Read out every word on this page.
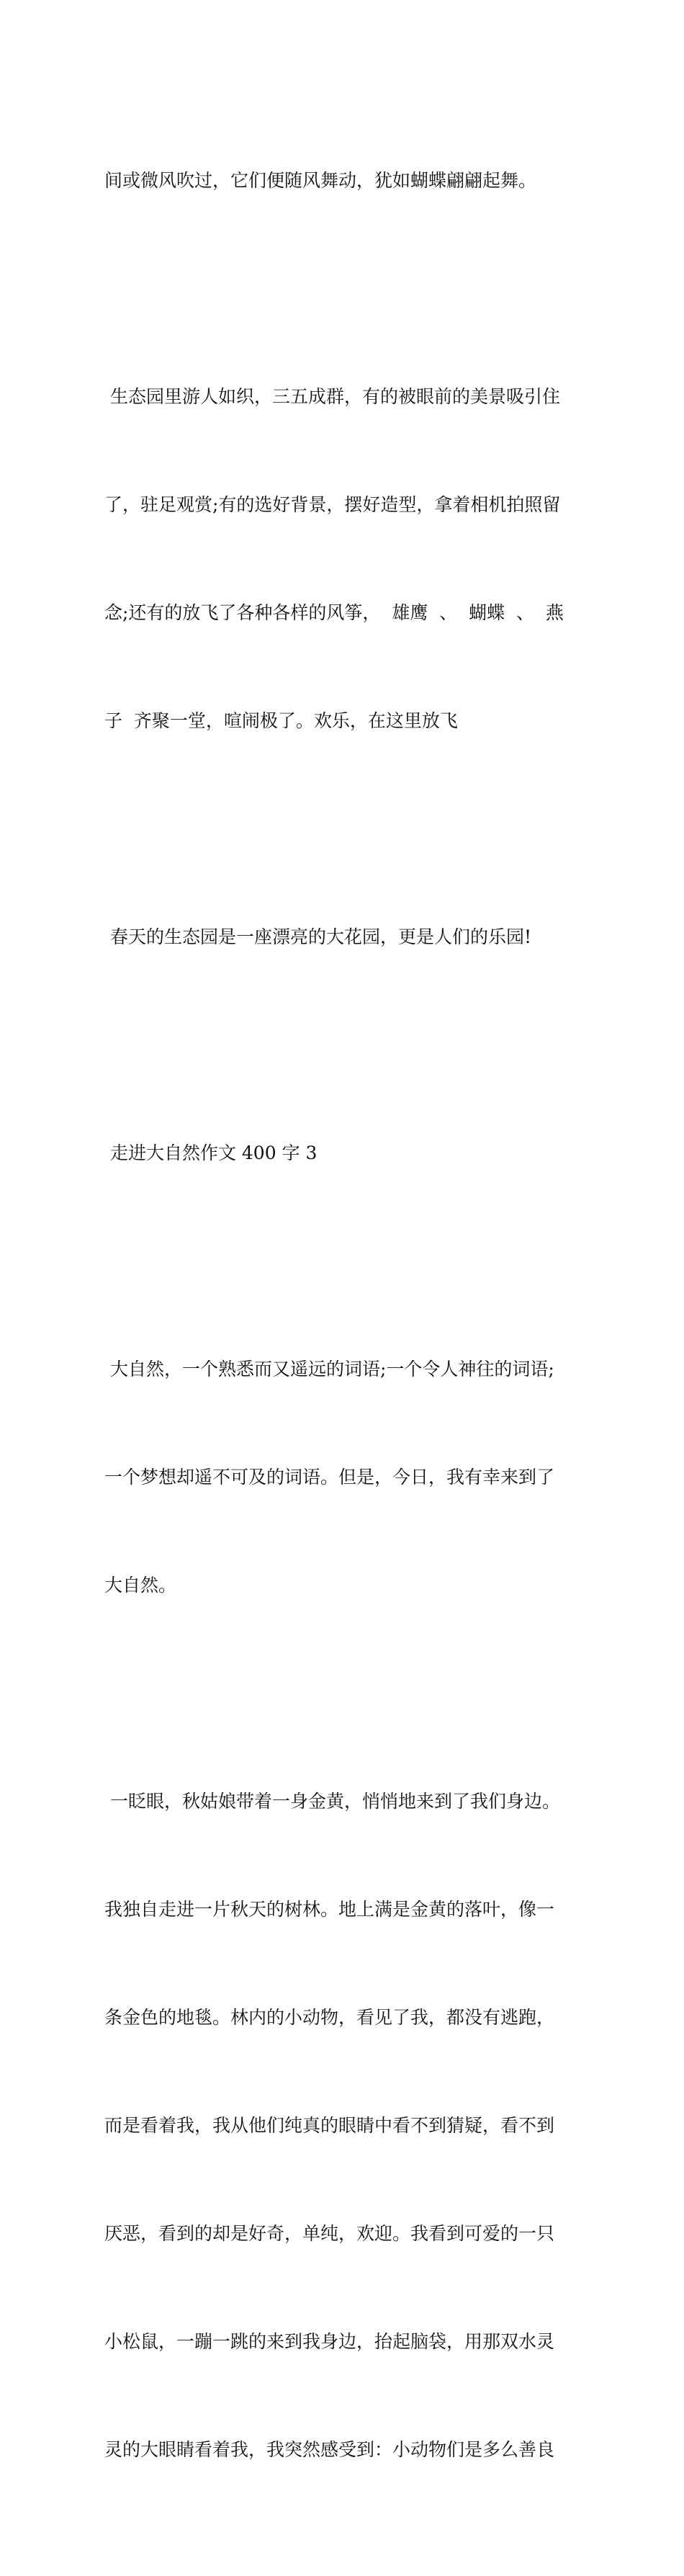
间或微风吹过，它们便随风舞动，犹如蝴蝶翩翩起舞。

生态园里游人如织，三五成群，有的被眼前的美景吸引住

了，驻足观赏;有的选好背景，摆好造型，拿着相机拍照留

念;还有的放飞了各种各样的风筝，  雄鹰  、  蝴蝶  、  燕

子  齐聚一堂，喧闹极了。欢乐，在这里放飞

春天的生态园是一座漂亮的大花园，更是人们的乐园!

走进大自然作文 400 字 3

大自然，一个熟悉而又遥远的词语;一个令人神往的词语;

一个梦想却遥不可及的词语。但是，今日，我有幸来到了

大自然。

一眨眼，秋姑娘带着一身金黄，悄悄地来到了我们身边。

我独自走进一片秋天的树林。地上满是金黄的落叶，像一

条金色的地毯。林内的小动物，看见了我，都没有逃跑，

而是看着我，我从他们纯真的眼睛中看不到猜疑，看不到

厌恶，看到的却是好奇，单纯，欢迎。我看到可爱的一只

小松鼠，一蹦一跳的来到我身边，抬起脑袋，用那双水灵

灵的大眼睛看着我，我突然感受到：小动物们是多么善良
